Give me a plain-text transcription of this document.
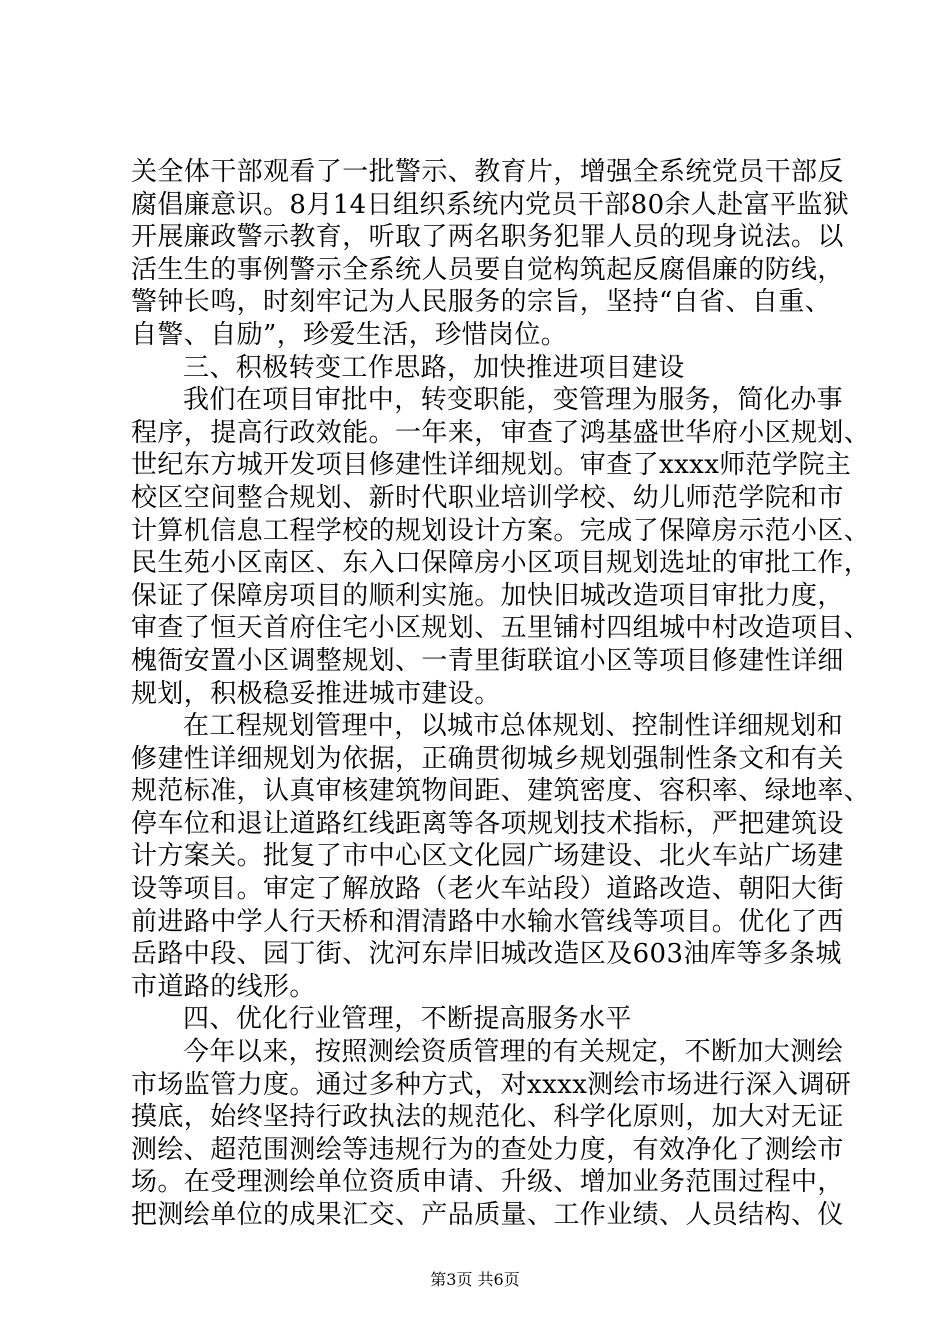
关全体干部观看了一批警示、教育片，增强全系统党员干部反
腐倡廉意识。8月14日组织系统内党员干部80余人赴富平监狱
开展廉政警示教育，听取了两名职务犯罪人员的现身说法。以
活生生的事例警示全系统人员要自觉构筑起反腐倡廉的防线，
警钟长鸣，时刻牢记为人民服务的宗旨，坚持“自省、自重、
自警、自励”，珍爱生活，珍惜岗位。
三、积极转变工作思路，加快推进项目建设
我们在项目审批中，转变职能，变管理为服务，简化办事
程序，提高行政效能。一年来，审查了鸿基盛世华府小区规划、
世纪东方城开发项目修建性详细规划。审查了xxxx师范学院主
校区空间整合规划、新时代职业培训学校、幼儿师范学院和市
计算机信息工程学校的规划设计方案。完成了保障房示范小区、
民生苑小区南区、东入口保障房小区项目规划选址的审批工作，
保证了保障房项目的顺利实施。加快旧城改造项目审批力度，
审查了恒天首府住宅小区规划、五里铺村四组城中村改造项目、
槐衙安置小区调整规划、一青里街联谊小区等项目修建性详细
规划，积极稳妥推进城市建设。
在工程规划管理中，以城市总体规划、控制性详细规划和
修建性详细规划为依据，正确贯彻城乡规划强制性条文和有关
规范标准，认真审核建筑物间距、建筑密度、容积率、绿地率、
停车位和退让道路红线距离等各项规划技术指标，严把建筑设
计方案关。批复了市中心区文化园广场建设、北火车站广场建
设等项目。审定了解放路（老火车站段）道路改造、朝阳大街
前进路中学人行天桥和渭清路中水输水管线等项目。优化了西
岳路中段、园丁街、沈河东岸旧城改造区及603油库等多条城
市道路的线形。
四、优化行业管理，不断提高服务水平
今年以来，按照测绘资质管理的有关规定，不断加大测绘
市场监管力度。通过多种方式，对xxxx测绘市场进行深入调研
摸底，始终坚持行政执法的规范化、科学化原则，加大对无证
测绘、超范围测绘等违规行为的查处力度，有效净化了测绘市
场。在受理测绘单位资质申请、升级、增加业务范围过程中，
把测绘单位的成果汇交、产品质量、工作业绩、人员结构、仪
第3页 共6页
